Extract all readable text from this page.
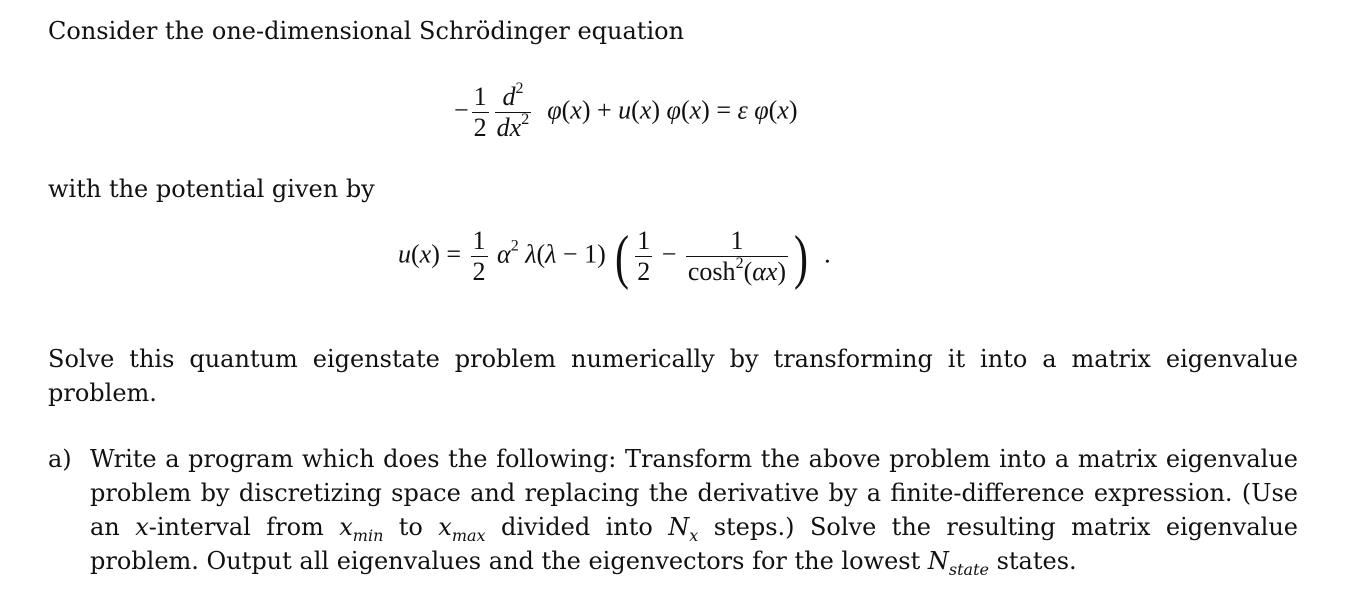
Consider the one-dimensional Schrödinger equation
− $\frac{1}{2} \frac{d^2}{dx^2} \varphi(x) + u(x) \varphi(x) = \varepsilon$ φ(x)
with the potential given by
$u(x) = \frac{1}{2} \alpha^2$ λ(λ − 1) ( $\frac{1}{2} - \frac{1}{\cosh^2(\alpha x)}$ )  .
Solve this quantum eigenstate problem numerically by transforming it into a matrix eigenvalue problem.
a) Write a program which does the following: Transform the above problem into a matrix eigenvalue problem by discretizing space and replacing the derivative by a finite-difference expression. (Use an x-interval from $x_{min}$ to $x_{max}$ divided into $N_x$ steps.) Solve the resulting matrix eigenvalue problem. Output all eigenvalues and the eigenvectors for the lowest $N_{state}$ states.
